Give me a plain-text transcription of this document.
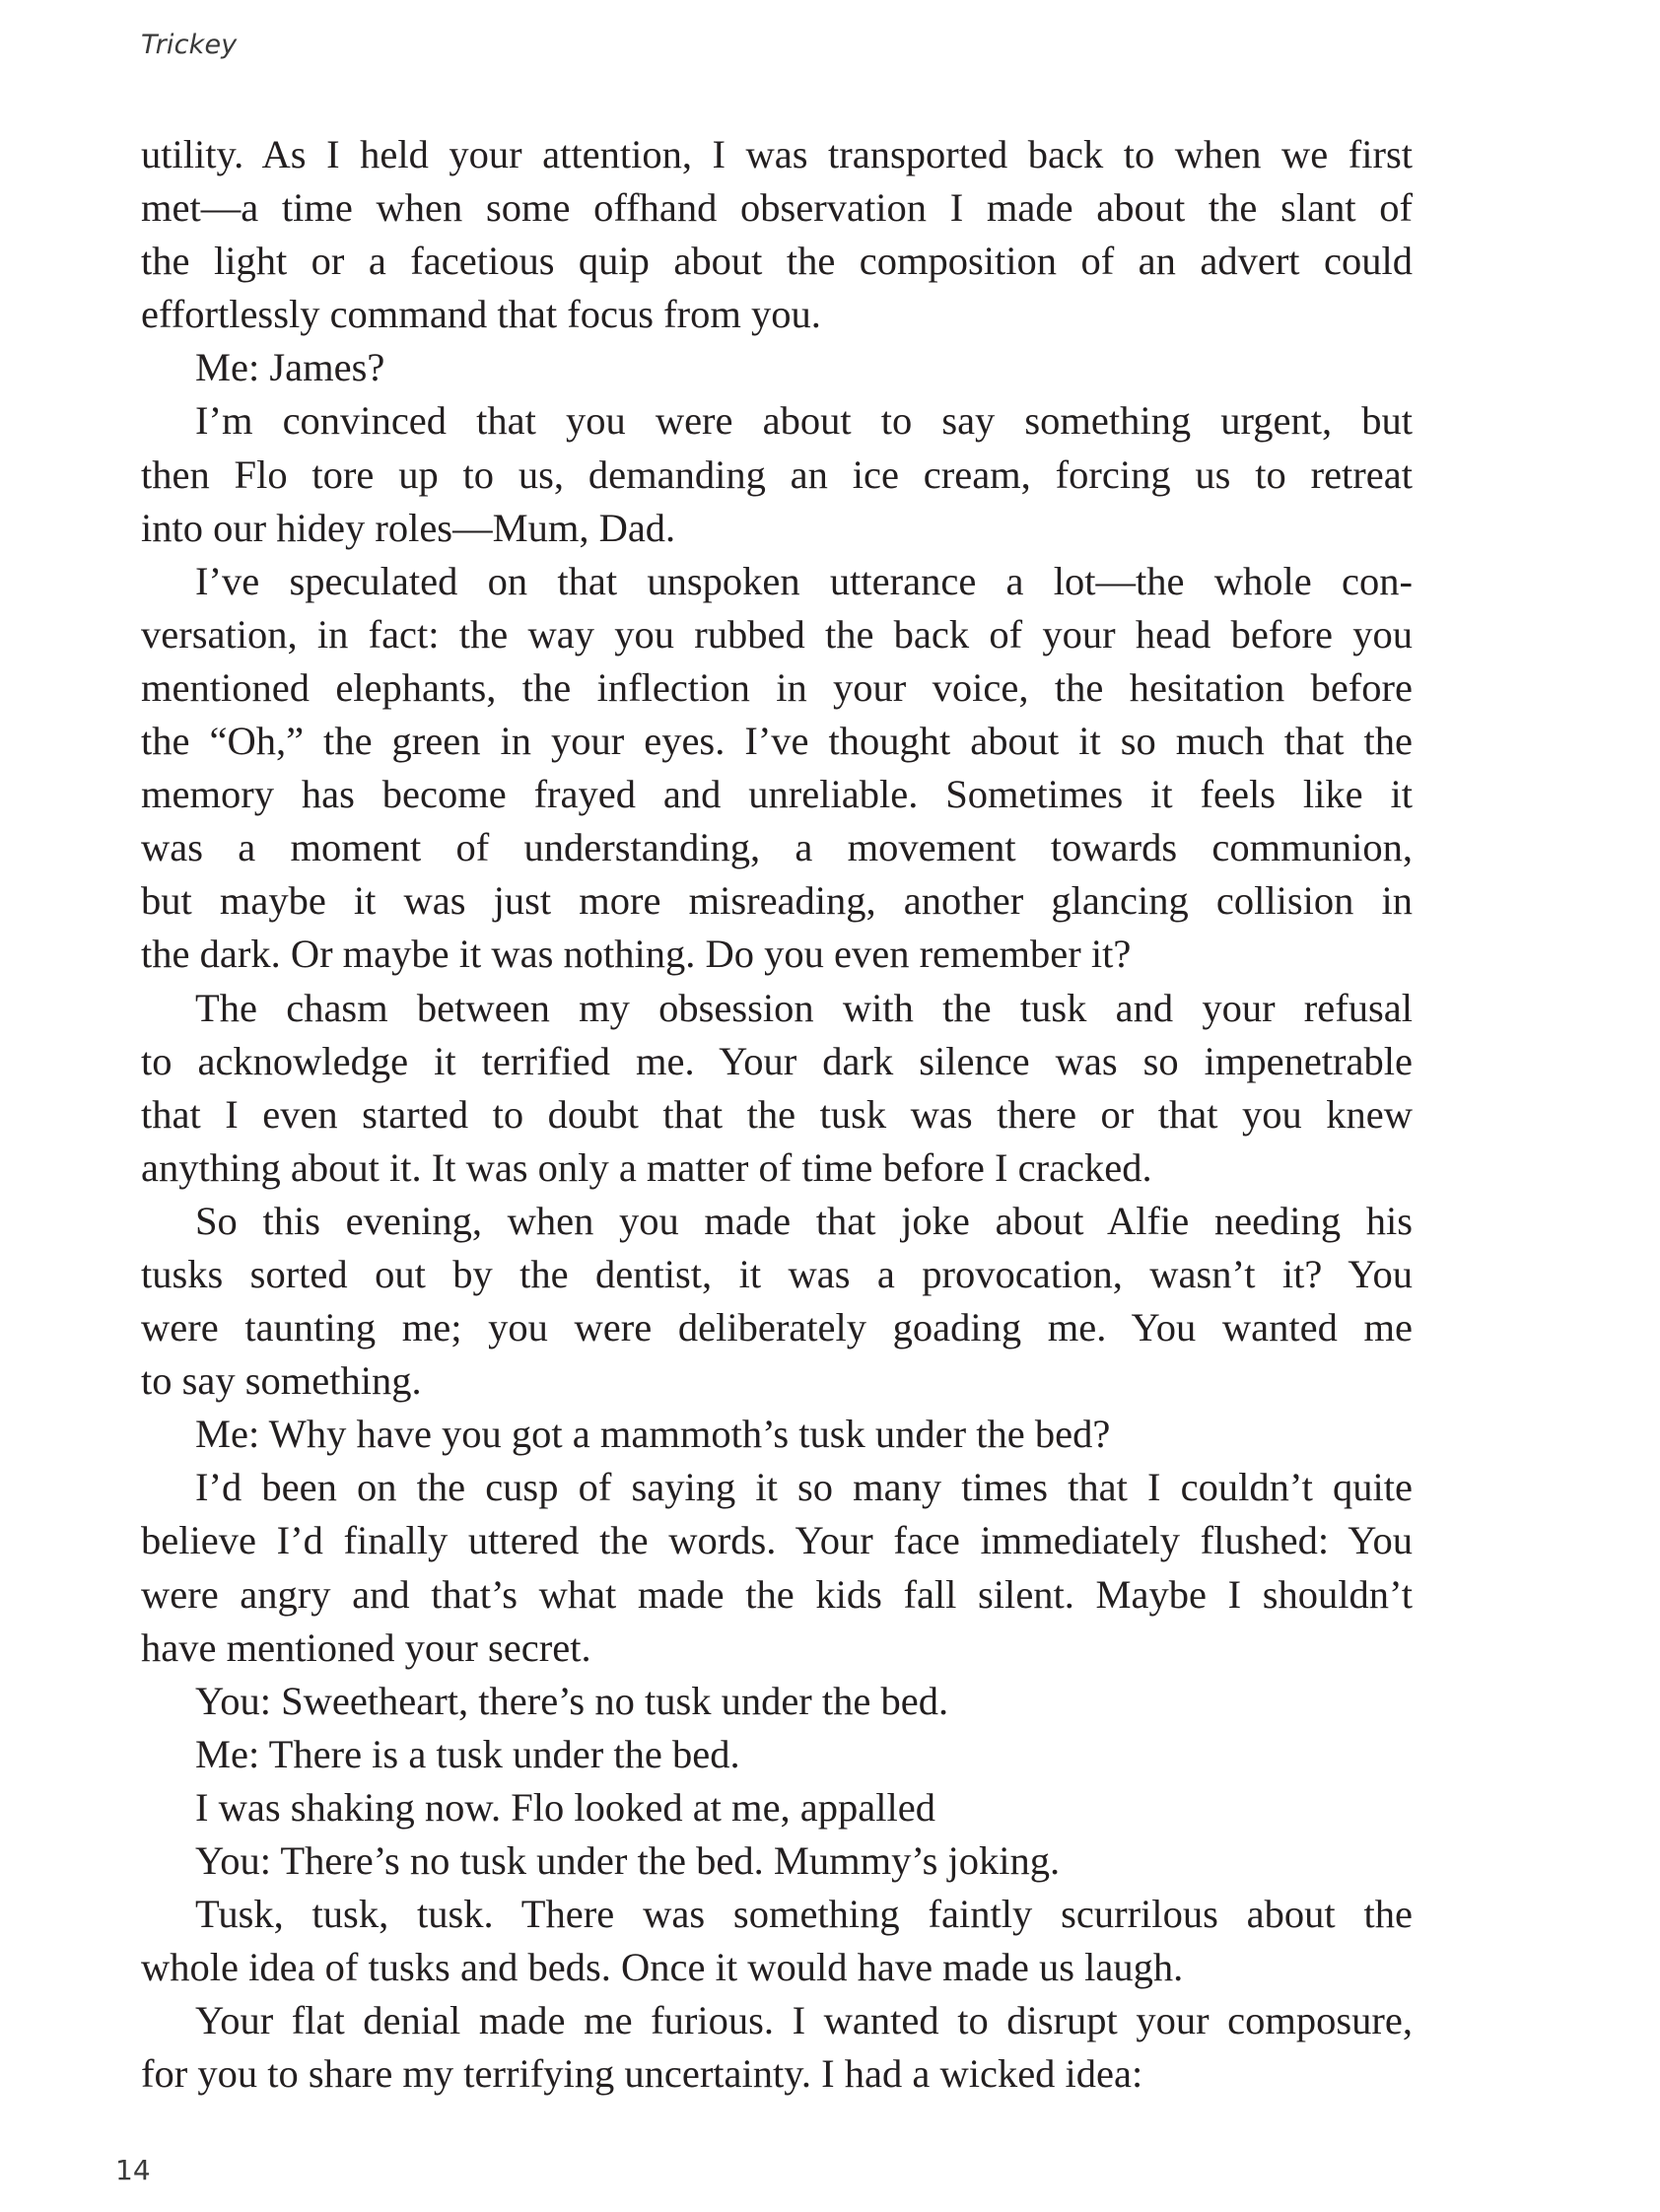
Trickey
utility. As I held your attention, I was transported back to when we first
met—a time when some offhand observation I made about the slant of
the light or a facetious quip about the composition of an advert could
effortlessly command that focus from you.
Me: James?
I’m convinced that you were about to say something urgent, but
then Flo tore up to us, demanding an ice cream, forcing us to retreat
into our hidey roles—Mum, Dad.
I’ve speculated on that unspoken utterance a lot—the whole con-
versation, in fact: the way you rubbed the back of your head before you
mentioned elephants, the inflection in your voice, the hesitation before
the “Oh,” the green in your eyes. I’ve thought about it so much that the
memory has become frayed and unreliable. Sometimes it feels like it
was a moment of understanding, a movement towards communion,
but maybe it was just more misreading, another glancing collision in
the dark. Or maybe it was nothing. Do you even remember it?
The chasm between my obsession with the tusk and your refusal
to acknowledge it terrified me. Your dark silence was so impenetrable
that I even started to doubt that the tusk was there or that you knew
anything about it. It was only a matter of time before I cracked.
So this evening, when you made that joke about Alfie needing his
tusks sorted out by the dentist, it was a provocation, wasn’t it? You
were taunting me; you were deliberately goading me. You wanted me
to say something.
Me: Why have you got a mammoth’s tusk under the bed?
I’d been on the cusp of saying it so many times that I couldn’t quite
believe I’d finally uttered the words. Your face immediately flushed: You
were angry and that’s what made the kids fall silent. Maybe I shouldn’t
have mentioned your secret.
You: Sweetheart, there’s no tusk under the bed.
Me: There is a tusk under the bed.
I was shaking now. Flo looked at me, appalled
You: There’s no tusk under the bed. Mummy’s joking.
Tusk, tusk, tusk. There was something faintly scurrilous about the
whole idea of tusks and beds. Once it would have made us laugh.
Your flat denial made me furious. I wanted to disrupt your composure,
for you to share my terrifying uncertainty. I had a wicked idea:
14
